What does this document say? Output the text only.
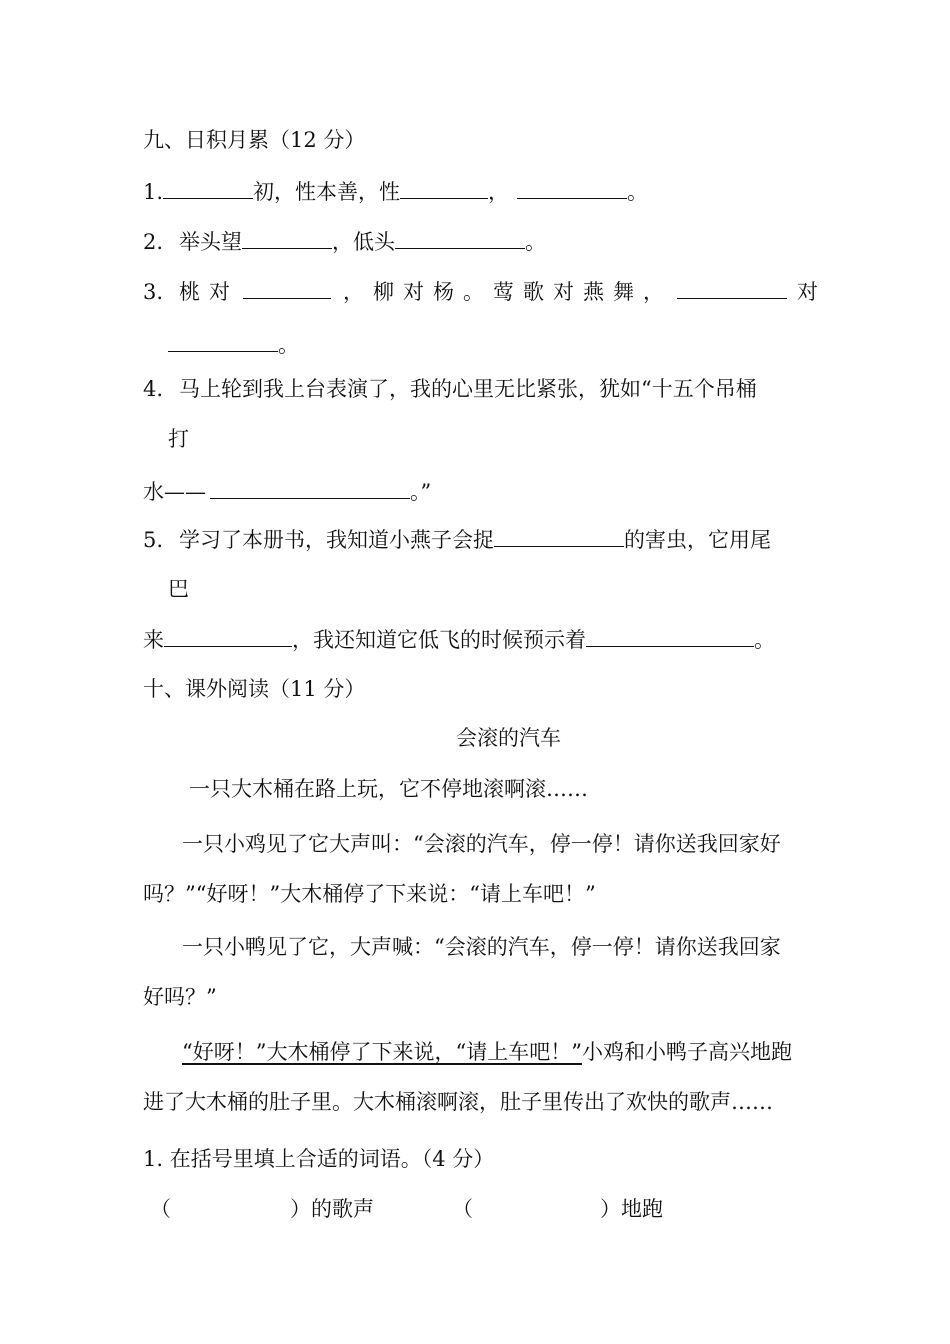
九、日积月累（12 分）
1.	初，性本善，性	，	。
2. 举头望	，低头	。
3. 桃对	，柳对杨。莺歌对燕舞，	对
。
4. 马上轮到我上台表演了，我的心里无比紧张，犹如“十五个吊桶
打
水——	。”
5. 学习了本册书，我知道小燕子会捉	的害虫，它用尾
巴
来	，我还知道它低飞的时候预示着	。
十、课外阅读（11 分）
会滚的汽车
一只大木桶在路上玩，它不停地滚啊滚……
一只小鸡见了它大声叫：“会滚的汽车，停一停！请你送我回家好
吗？”“好呀！”大木桶停了下来说：“请上车吧！”
一只小鸭见了它，大声喊：“会滚的汽车，停一停！请你送我回家
好吗？”
“好呀！”大木桶停了下来说，“请上车吧！”小鸡和小鸭子高兴地跑
进了大木桶的肚子里。大木桶滚啊滚，肚子里传出了欢快的歌声……
1. 在括号里填上合适的词语。（4 分）
（	）的歌声	（	）地跑
